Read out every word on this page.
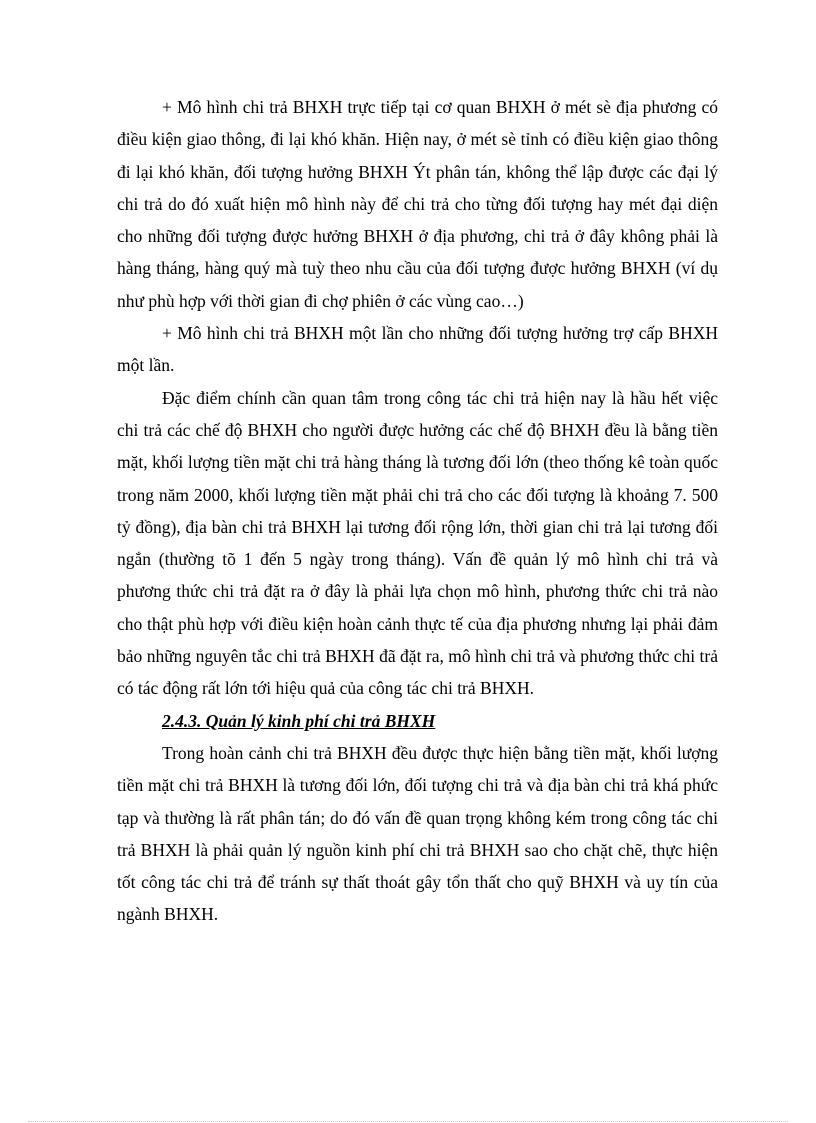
+ Mô hình chi trả BHXH trực tiếp tại cơ quan BHXH ở mét sè địa phương có điều kiện giao thông, đi lại khó khăn. Hiện nay, ở mét sè tỉnh có điều kiện giao thông đi lại khó khăn, đối tượng hưởng BHXH Ýt phân tán, không thể lập được các đại lý chi trả do đó xuất hiện mô hình này để chi trả cho từng đối tượng hay mét đại diện cho những đối tượng được hưởng BHXH ở địa phương, chi trả ở đây không phải là hàng tháng, hàng quý mà tuỳ theo nhu cầu của đối tượng được hưởng BHXH (ví dụ như phù hợp với thời gian đi chợ phiên ở các vùng cao…)

+ Mô hình chi trả BHXH một lần cho những đối tượng hưởng trợ cấp BHXH một lần.

Đặc điểm chính cần quan tâm trong công tác chi trả hiện nay là hầu hết việc chi trả các chế độ BHXH cho người được hưởng các chế độ BHXH đều là bằng tiền mặt, khối lượng tiền mặt chi trả hàng tháng là tương đối lớn (theo thống kê toàn quốc trong năm 2000, khối lượng tiền mặt phải chi trả cho các đối tượng là khoảng 7. 500 tỷ đồng), địa bàn chi trả BHXH lại tương đối rộng lớn, thời gian chi trả lại tương đối ngắn (thường tõ 1 đến 5 ngày trong tháng). Vấn đề quản lý mô hình chi trả và phương thức chi trả đặt ra ở đây là phải lựa chọn mô hình, phương thức chi trả nào cho thật phù hợp với điều kiện hoàn cảnh thực tế của địa phương nhưng lại phải đảm bảo những nguyên tắc chi trả BHXH đã đặt ra, mô hình chi trả và phương thức chi trả có tác động rất lớn tới hiệu quả của công tác chi trả BHXH.

2.4.3. Quản lý kinh phí chi trả BHXH

Trong hoàn cảnh chi trả BHXH đều được thực hiện bằng tiền mặt, khối lượng tiền mặt chi trả BHXH là tương đối lớn, đối tượng chi trả và địa bàn chi trả khá phức tạp và thường là rất phân tán; do đó vấn đề quan trọng không kém trong công tác chi trả BHXH là phải quản lý nguồn kinh phí chi trả BHXH sao cho chặt chẽ, thực hiện tốt công tác chi trả để tránh sự thất thoát gây tổn thất cho quỹ BHXH và uy tín của ngành BHXH.
